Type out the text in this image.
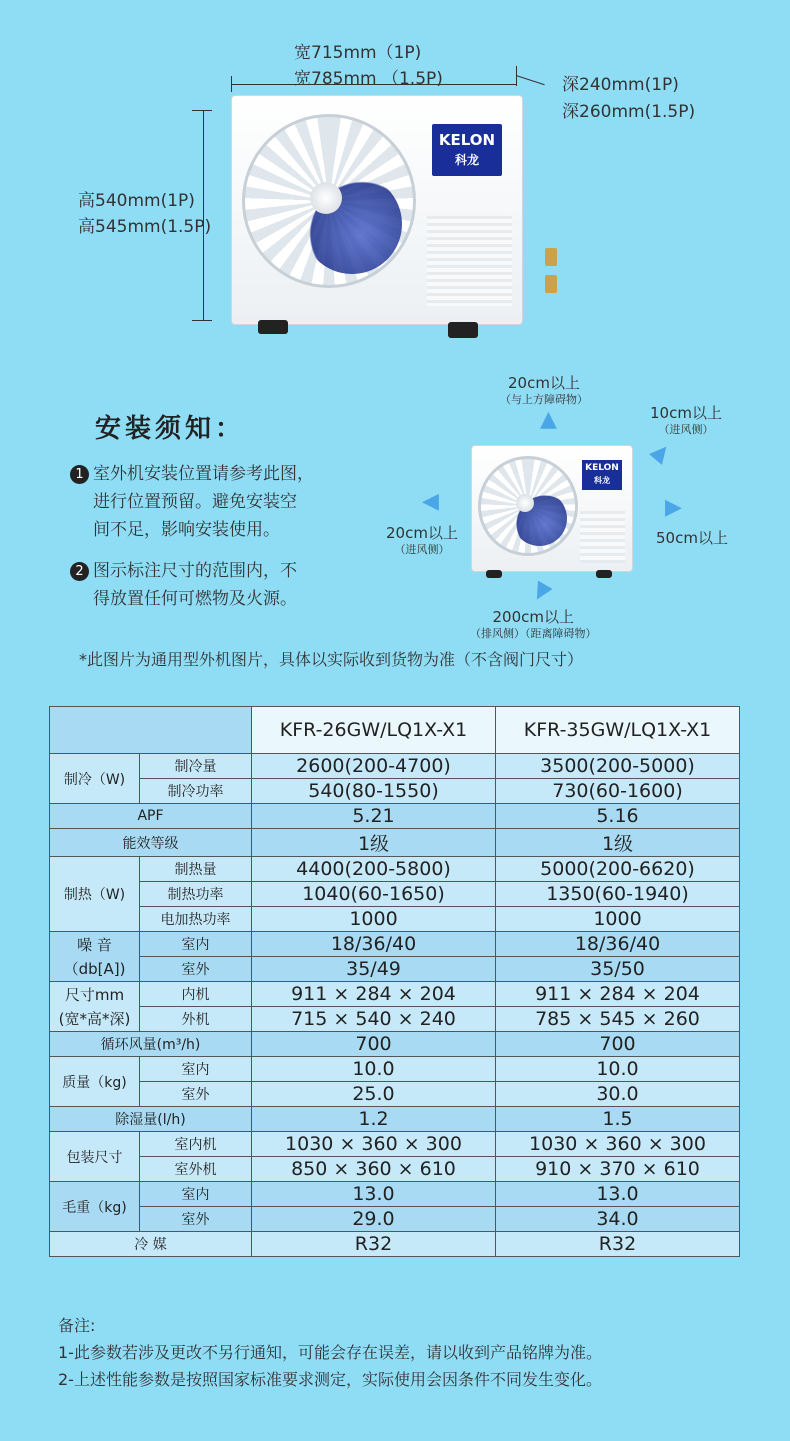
宽715mm（1P)
宽785mm （1.5P)	深240mm(1P)
深260mm(1.5P)
高540mm(1P)
高545mm(1.5P)
KELON
科龙
安装须知：
1 室外机安装位置请参考此图，
进行位置预留。避免安装空
间不足，影响安装使用。
2 图示标注尺寸的范围内，不
得放置任何可燃物及火源。
20cm以上
（与上方障碍物）
10cm以上
（进风侧）
20cm以上
（进风侧）
50cm以上
200cm以上
（排风侧）（距离障碍物）
▲
▲
◀	▶
▼
KELON
科龙
*此图片为通用型外机图片，具体以实际收到货物为准（不含阀门尺寸）
		KFR-26GW/LQ1X-X1	KFR-35GW/LQ1X-X1
制冷（W)	制冷量	2600(200-4700)	3500(200-5000)
	制冷功率	540(80-1550)	730(60-1600)
APF		5.21	5.16
能效等级		1级	1级
制热（W)	制热量	4400(200-5800)	5000(200-6620)
	制热功率	1040(60-1650)	1350(60-1940)
	电加热功率	1000	1000
噪 音
（db[A])	室内	18/36/40	18/36/40
	室外	35/49	35/50
尺寸mm
(宽*高*深)	内机	911 × 284 × 204	911 × 284 × 204
	外机	715 × 540 × 240	785 × 545 × 260
循环风量(m³/h)		700	700
质量（kg)	室内	10.0	10.0
	室外	25.0	30.0
除湿量(l/h)		1.2	1.5
包装尺寸	室内机	1030 × 360 × 300	1030 × 360 × 300
	室外机	850 × 360 × 610	910 × 370 × 610
毛重（kg)	室内	13.0	13.0
	室外	29.0	34.0
冷 媒		R32	R32
备注:
1-此参数若涉及更改不另行通知，可能会存在误差，请以收到产品铭牌为准。
2-上述性能参数是按照国家标准要求测定，实际使用会因条件不同发生变化。
